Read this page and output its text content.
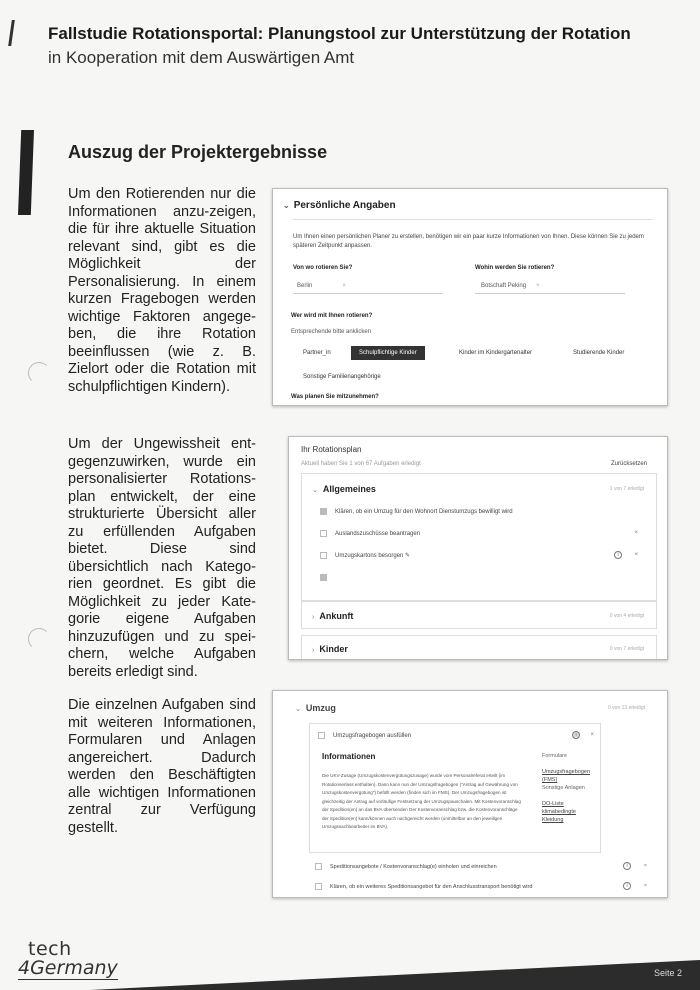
Fallstudie Rotationsportal: Planungstool zur Unterstützung der Rotation
in Kooperation mit dem Auswärtigen Amt
Auszug der Projektergebnisse
Um den Rotierenden nur die Informationen anzu-zeigen, die für ihre aktuelle Situation relevant sind, gibt es die Möglichkeit der Personalisierung. In einem kurzen Fragebogen werden wichtige Faktoren angege-ben, die ihre Rotation beeinflussen (wie z. B. Zielort oder die Rotation mit schulpflichtigen Kindern).
Um der Ungewissheit ent-gegenzuwirken, wurde ein personalisierter Rotations-plan entwickelt, der eine strukturierte Übersicht aller zu erfüllenden Aufgaben bietet. Diese sind übersichtlich nach Katego-rien geordnet. Es gibt die Möglichkeit zu jeder Kate-gorie eigene Aufgaben hinzuzufügen und zu spei-chern, welche Aufgaben bereits erledigt sind.
Die einzelnen Aufgaben sind mit weiteren Informationen, Formularen und Anlagen angereichert. Dadurch werden den Beschäftigten alle wichtigen Informationen zentral zur Verfügung gestellt.
⌄ Persönliche Angaben
Um Ihnen einen persönlichen Planer zu erstellen, benötigen wir ein paar kurze Informationen von Ihnen. Diese können Sie zu jedem späteren Zeitpunkt anpassen.
Von wo rotieren Sie?
Berlin	×
Wohin werden Sie rotieren?
Botschaft Peking ×
Wer wird mit Ihnen rotieren?
Entsprechende bitte anklicken
Partner_in	Schulpflichtige Kinder	Kinder im Kindergartenalter	Studierende Kinder
Sonstige Familienangehörige
Was planen Sie mitzunehmen?
Ihr Rotationsplan
Aktuell haben Sie 1 von 67 Aufgaben erledigt	Zurücksetzen
⌄ Allgemeines	1 von 7 erledigt
Klären, ob ein Umzug für den Wohnort Dienstumzugs bewilligt wird
Auslandszuschüsse beantragen	×
Umzugskartons besorgen ✎	i	×
› Ankunft	0 von 4 erledigt
› Kinder	0 von 7 erledigt
⌄ Umzug	0 von 13 erledigt
Umzugsfragebogen ausfüllen	i	×
Informationen
Die UKV-Zusage (Umzugskostenvergütungszusage) wurde vom Personalreferat erteilt (im Rotationserlass enthalten). Dann kann nun der Umzugsfragebogen ("Antrag auf Gewährung von Umzugskostenvergütung") befüllt werden (finden sich im FMS). Der Umzugsfragebogen ist gleichzeitig der Antrag auf vorläufige Festsetzung der Umzugspauschalen. Mit Kostenvoranschlag der Spedition(en) an das BVA übersenden Der Kostenvoranschlag bzw. die Kostenvoranschläge der Spedition(en) kann/können auch nachgereicht werden (unmittelbar an den jeweiligen Umzugssachbearbeiter im BVA).
Formulare
Umzugsfragebogen (FMS)
Sonstige Anlagen
DO-Liste klimabedingte Kleidung
Speditionsangebote / Kostenvoranschlag(e) einholen und einreichen	i	×
Klären, ob ein weiteres Speditionsangebot für den Anschlusstransport benötigt wird	i	×
tech
4Germany	Seite 2
